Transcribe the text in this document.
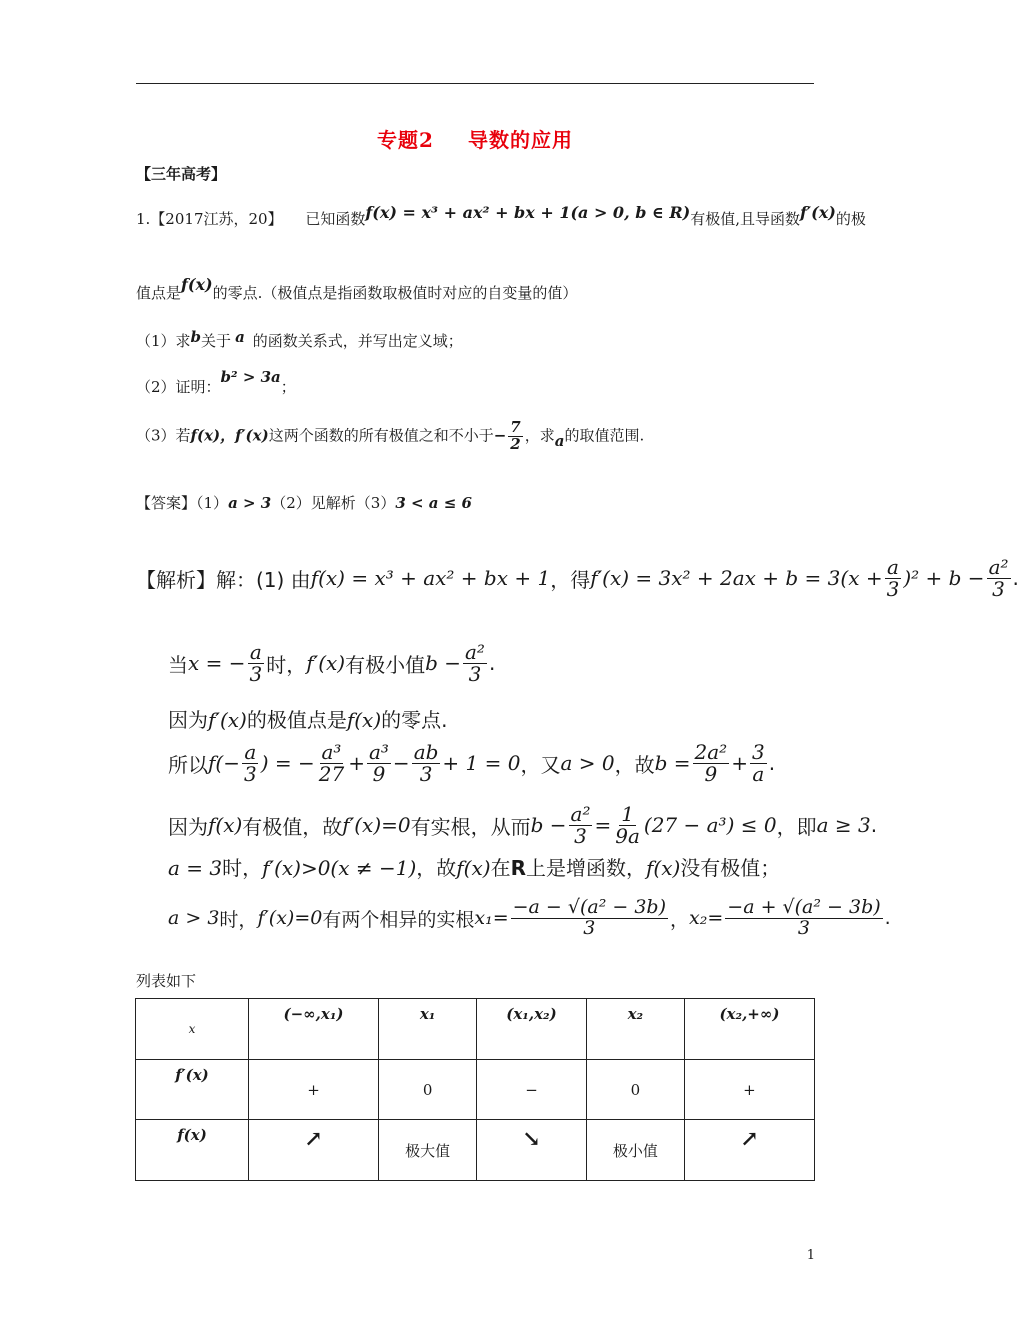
专题2 导数的应用
【三年高考】
1.【2017江苏，20】 已知函数f(x) = x³ + ax² + bx + 1(a > 0, b ∈ R)有极值,且导函数f′(x)的极
值点是f(x)的零点.（极值点是指函数取极值时对应的自变量的值）
（1）求b关于 a 的函数关系式，并写出定义域；
（2）证明：b² > 3a；
（3）若f(x)，f′(x)这两个函数的所有极值之和不小于− $\frac{7}{2}$ ，求a的取值范围.
【答案】（1）a > 3（2）见解析（3）3 < a ≤ 6
【解析】 解：(1) 由 f(x) = x³ + ax² + bx + 1 ，得 $f'(x) = 3x^2 + 2ax + b = 3(x + \frac{a}{3} )^2 + b - \frac{\text{a²}}{3}$ .
当 x = − $\frac{a}{3}$ 时， f′(x) 有极小值 $b - \frac{\text{a²}}{3}$ .
因为f′(x)的极值点是f(x)的零点.
所以 $f(- \frac{a}{3}$ ) = − $\frac{\text{a³}}{27} + \frac{\text{a³}}{9} - \frac{ab}{3} + 1 = 0$ ，又 a > 0 ，故 $b = \frac{\text{2a²}}{9} + \frac{3}{a}$ .
因为 f(x) 有极值，故 f′(x)=0 有实根，从而 $b - \frac{\text{a²}}{3} = \frac{1}{9a} (27 - a^3) \le 0$ ，即 a ≥ 3 .
a = 3时，f′(x)>0(x ≠ −1)，故f(x)在R上是增函数，f(x)没有极值；
a > 3 时， f′(x)=0 有两个相异的实根 $x_1= \frac{\text{−a − √(a² − 3b)}}{3}$ ， $x_2= \frac{\text{−a + √(a² − 3b)}}{3}$ .
列表如下
x	(−∞,x₁)	x₁	(x₁,x₂)	x₂	(x₂,+∞)
f′(x)	+	0	−	0	+
f(x)	↗	极大值	↘	极小值	↗
1
